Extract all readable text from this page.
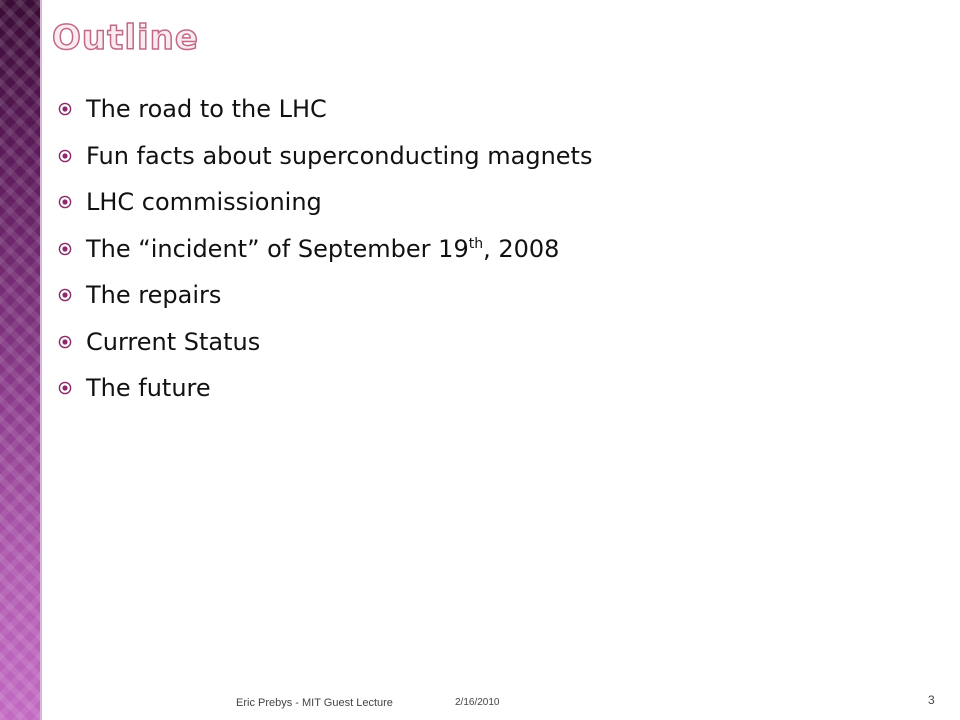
Outline
The road to the LHC
Fun facts about superconducting magnets
LHC commissioning
The “incident” of September 19th, 2008
The repairs
Current Status
The future
Eric Prebys - MIT Guest Lecture	2/16/2010	3
